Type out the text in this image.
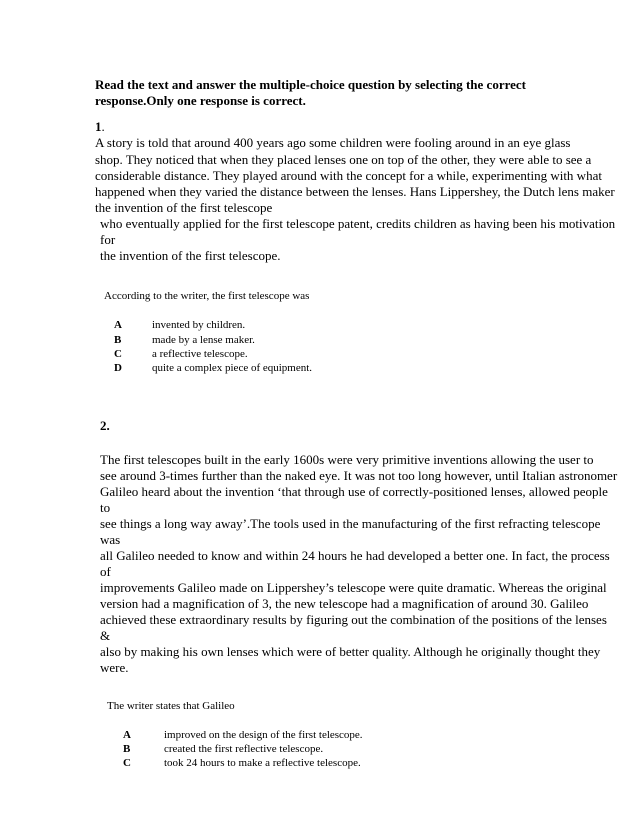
Read the text and answer the multiple-choice question by selecting the correct
response.Only one response is correct.
1.
A story is told that around 400 years ago some children were fooling around in an eye glass
shop. They noticed that when they placed lenses one on top of the other, they were able to see a
considerable distance. They played around with the concept for a while, experimenting with what
happened when they varied the distance between the lenses. Hans Lippershey, the Dutch lens maker
the invention of the first telescope
who eventually applied for the first telescope patent, credits children as having been his motivation
for
the invention of the first telescope.
According to the writer, the first telescope was
A	invented by children.
B	made by a lense maker.
C	a reflective telescope.
D	quite a complex piece of equipment.
2.
The first telescopes built in the early 1600s were very primitive inventions allowing the user to
see around 3-times further than the naked eye. It was not too long however, until Italian astronomer
Galileo heard about the invention ‘that through use of correctly-positioned lenses, allowed people
to
see things a long way away’.The tools used in the manufacturing of the first refracting telescope
was
all Galileo needed to know and within 24 hours he had developed a better one. In fact, the process
of
improvements Galileo made on Lippershey’s telescope were quite dramatic. Whereas the original
version had a magnification of 3, the new telescope had a magnification of around 30. Galileo
achieved these extraordinary results by figuring out the combination of the positions of the lenses
&
also by making his own lenses which were of better quality. Although he originally thought they
were.
The writer states that Galileo
A	improved on the design of the first telescope.
B	created the first reflective telescope.
C	took 24 hours to make a reflective telescope.
